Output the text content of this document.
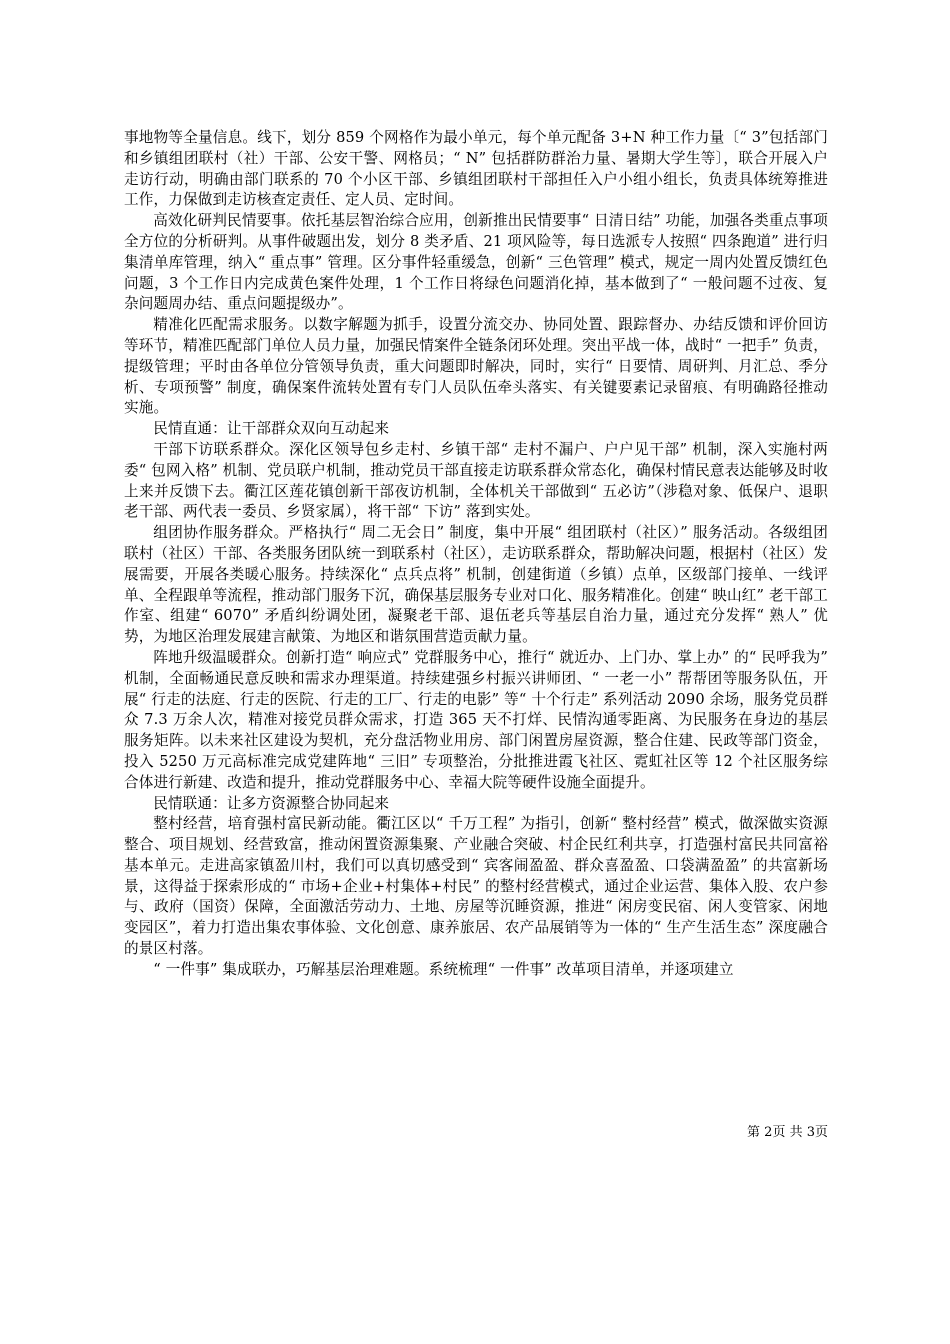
事地物等全量信息。线下，划分 859 个网格作为最小单元，每个单元配备 3+N 种工作力量〔“ 3”包括部门和乡镇组团联村（社）干部、公安干警、网格员；“ N” 包括群防群治力量、暑期大学生等〕，联合开展入户走访行动，明确由部门联系的 70 个小区干部、乡镇组团联村干部担任入户小组小组长，负责具体统筹推进工作，力保做到走访核查定责任、定人员、定时间。

高效化研判民情要事。依托基层智治综合应用，创新推出民情要事“ 日清日结” 功能，加强各类重点事项全方位的分析研判。从事件破题出发，划分 8 类矛盾、21 项风险等，每日选派专人按照“ 四条跑道” 进行归集清单库管理，纳入“ 重点事” 管理。区分事件轻重缓急，创新“ 三色管理” 模式，规定一周内处置反馈红色问题，3 个工作日内完成黄色案件处理，1 个工作日将绿色问题消化掉，基本做到了“ 一般问题不过夜、复杂问题周办结、重点问题提级办”。

精准化匹配需求服务。以数字解题为抓手，设置分流交办、协同处置、跟踪督办、办结反馈和评价回访等环节，精准匹配部门单位人员力量，加强民情案件全链条闭环处理。突出平战一体，战时“ 一把手” 负责，提级管理；平时由各单位分管领导负责，重大问题即时解决，同时，实行“ 日要情、周研判、月汇总、季分析、专项预警” 制度，确保案件流转处置有专门人员队伍牵头落实、有关键要素记录留痕、有明确路径推动实施。

民情直通：让干部群众双向互动起来

干部下访联系群众。深化区领导包乡走村、乡镇干部“ 走村不漏户、户户见干部” 机制，深入实施村两委“ 包网入格” 机制、党员联户机制，推动党员干部直接走访联系群众常态化，确保村情民意表达能够及时收上来并反馈下去。衢江区莲花镇创新干部夜访机制，全体机关干部做到“ 五必访”（涉稳对象、低保户、退职老干部、两代表一委员、乡贤家属），将干部“ 下访” 落到实处。

组团协作服务群众。严格执行“ 周二无会日” 制度，集中开展“ 组团联村（社区）” 服务活动。各级组团联村（社区）干部、各类服务团队统一到联系村（社区），走访联系群众，帮助解决问题，根据村（社区）发展需要，开展各类暖心服务。持续深化“ 点兵点将” 机制，创建街道（乡镇）点单，区级部门接单、一线评单、全程跟单等流程，推动部门服务下沉，确保基层服务专业对口化、服务精准化。创建“ 映山红” 老干部工作室、组建“ 6070” 矛盾纠纷调处团，凝聚老干部、退伍老兵等基层自治力量，通过充分发挥“ 熟人” 优势，为地区治理发展建言献策、为地区和谐氛围营造贡献力量。

阵地升级温暖群众。创新打造“ 响应式” 党群服务中心，推行“ 就近办、上门办、掌上办” 的“ 民呼我为” 机制，全面畅通民意反映和需求办理渠道。持续建强乡村振兴讲师团、“ 一老一小” 帮帮团等服务队伍，开展“ 行走的法庭、行走的医院、行走的工厂、行走的电影” 等“ 十个行走” 系列活动 2090 余场，服务党员群众 7.3 万余人次，精准对接党员群众需求，打造 365 天不打烊、民情沟通零距离、为民服务在身边的基层服务矩阵。以未来社区建设为契机，充分盘活物业用房、部门闲置房屋资源，整合住建、民政等部门资金，投入 5250 万元高标准完成党建阵地“ 三旧” 专项整治，分批推进霞飞社区、霓虹社区等 12 个社区服务综合体进行新建、改造和提升，推动党群服务中心、幸福大院等硬件设施全面提升。

民情联通：让多方资源整合协同起来

整村经营，培育强村富民新动能。衢江区以“ 千万工程” 为指引，创新“ 整村经营” 模式，做深做实资源整合、项目规划、经营致富，推动闲置资源集聚、产业融合突破、村企民红利共享，打造强村富民共同富裕基本单元。走进高家镇盈川村，我们可以真切感受到“ 宾客闹盈盈、群众喜盈盈、口袋满盈盈” 的共富新场景，这得益于探索形成的“ 市场+企业+村集体+村民” 的整村经营模式，通过企业运营、集体入股、农户参与、政府（国资）保障，全面激活劳动力、土地、房屋等沉睡资源，推进“ 闲房变民宿、闲人变管家、闲地变园区”，着力打造出集农事体验、文化创意、康养旅居、农产品展销等为一体的“ 生产生活生态” 深度融合的景区村落。

“ 一件事” 集成联办，巧解基层治理难题。系统梳理“ 一件事” 改革项目清单，并逐项建立

第 2页 共 3页
